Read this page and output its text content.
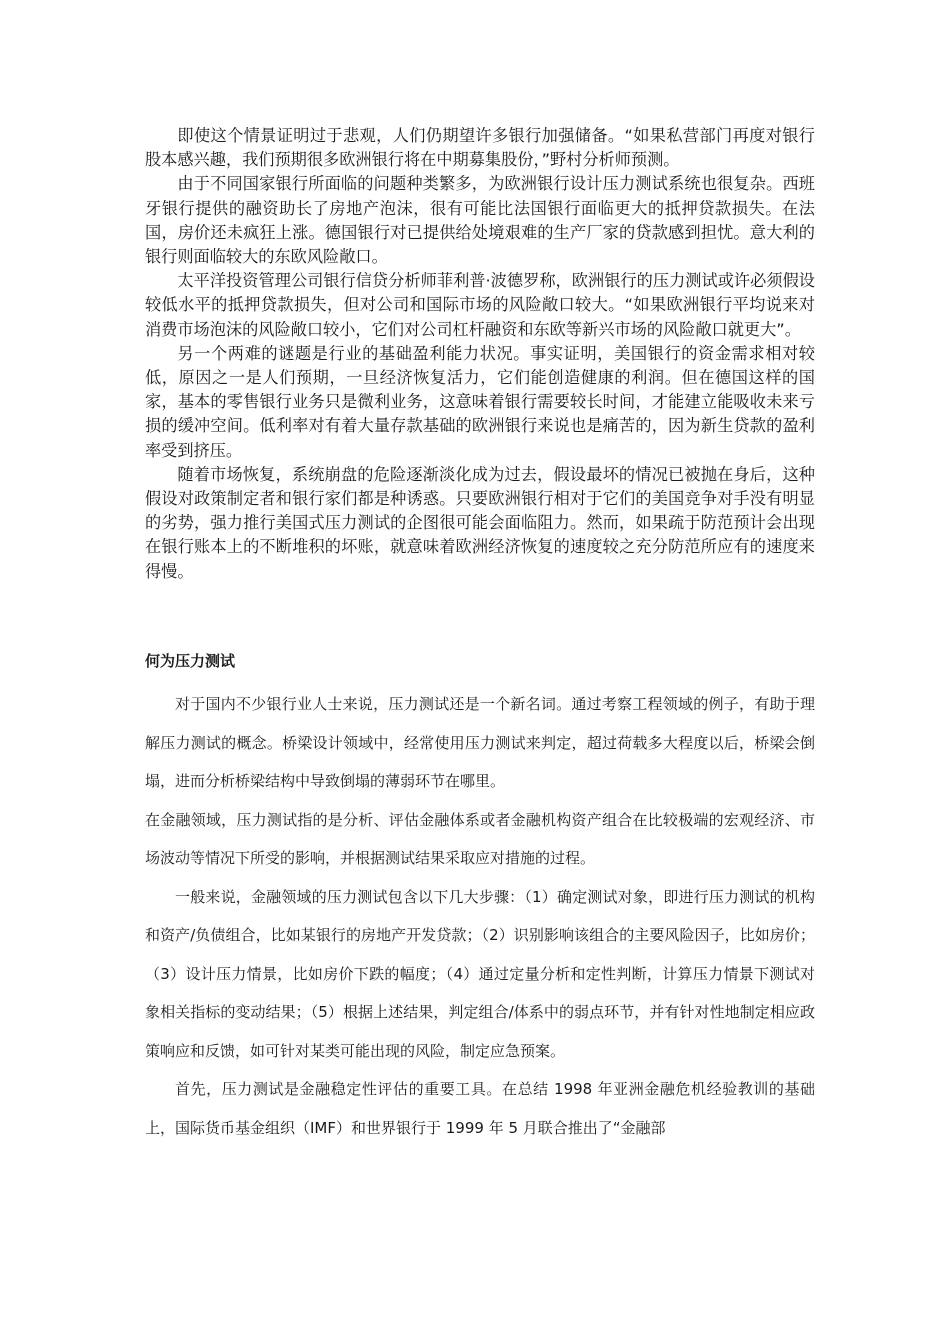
即使这个情景证明过于悲观，人们仍期望许多银行加强储备。“如果私营部门再度对银行股本感兴趣，我们预期很多欧洲银行将在中期募集股份，”野村分析师预测。

由于不同国家银行所面临的问题种类繁多，为欧洲银行设计压力测试系统也很复杂。西班牙银行提供的融资助长了房地产泡沫，很有可能比法国银行面临更大的抵押贷款损失。在法国，房价还未疯狂上涨。德国银行对已提供给处境艰难的生产厂家的贷款感到担忧。意大利的银行则面临较大的东欧风险敞口。

太平洋投资管理公司银行信贷分析师菲利普·波德罗称，欧洲银行的压力测试或许必须假设较低水平的抵押贷款损失，但对公司和国际市场的风险敞口较大。“如果欧洲银行平均说来对消费市场泡沫的风险敞口较小，它们对公司杠杆融资和东欧等新兴市场的风险敞口就更大”。

另一个两难的谜题是行业的基础盈利能力状况。事实证明，美国银行的资金需求相对较低，原因之一是人们预期，一旦经济恢复活力，它们能创造健康的利润。但在德国这样的国家，基本的零售银行业务只是微利业务，这意味着银行需要较长时间，才能建立能吸收未来亏损的缓冲空间。低利率对有着大量存款基础的欧洲银行来说也是痛苦的，因为新生贷款的盈利率受到挤压。

随着市场恢复，系统崩盘的危险逐渐淡化成为过去，假设最坏的情况已被抛在身后，这种假设对政策制定者和银行家们都是种诱惑。只要欧洲银行相对于它们的美国竞争对手没有明显的劣势，强力推行美国式压力测试的企图很可能会面临阻力。然而，如果疏于防范预计会出现在银行账本上的不断堆积的坏账，就意味着欧洲经济恢复的速度较之充分防范所应有的速度来得慢。

何为压力测试

对于国内不少银行业人士来说，压力测试还是一个新名词。通过考察工程领域的例子，有助于理解压力测试的概念。桥梁设计领域中，经常使用压力测试来判定，超过荷载多大程度以后，桥梁会倒塌，进而分析桥梁结构中导致倒塌的薄弱环节在哪里。

在金融领域，压力测试指的是分析、评估金融体系或者金融机构资产组合在比较极端的宏观经济、市场波动等情况下所受的影响，并根据测试结果采取应对措施的过程。

一般来说，金融领域的压力测试包含以下几大步骤：（1）确定测试对象，即进行压力测试的机构和资产/负债组合，比如某银行的房地产开发贷款；（2）识别影响该组合的主要风险因子，比如房价；（3）设计压力情景，比如房价下跌的幅度；（4）通过定量分析和定性判断，计算压力情景下测试对象相关指标的变动结果；（5）根据上述结果，判定组合/体系中的弱点环节，并有针对性地制定相应政策响应和反馈，如可针对某类可能出现的风险，制定应急预案。

首先，压力测试是金融稳定性评估的重要工具。在总结 1998 年亚洲金融危机经验教训的基础上，国际货币基金组织（IMF）和世界银行于 1999 年 5 月联合推出了“金融部
